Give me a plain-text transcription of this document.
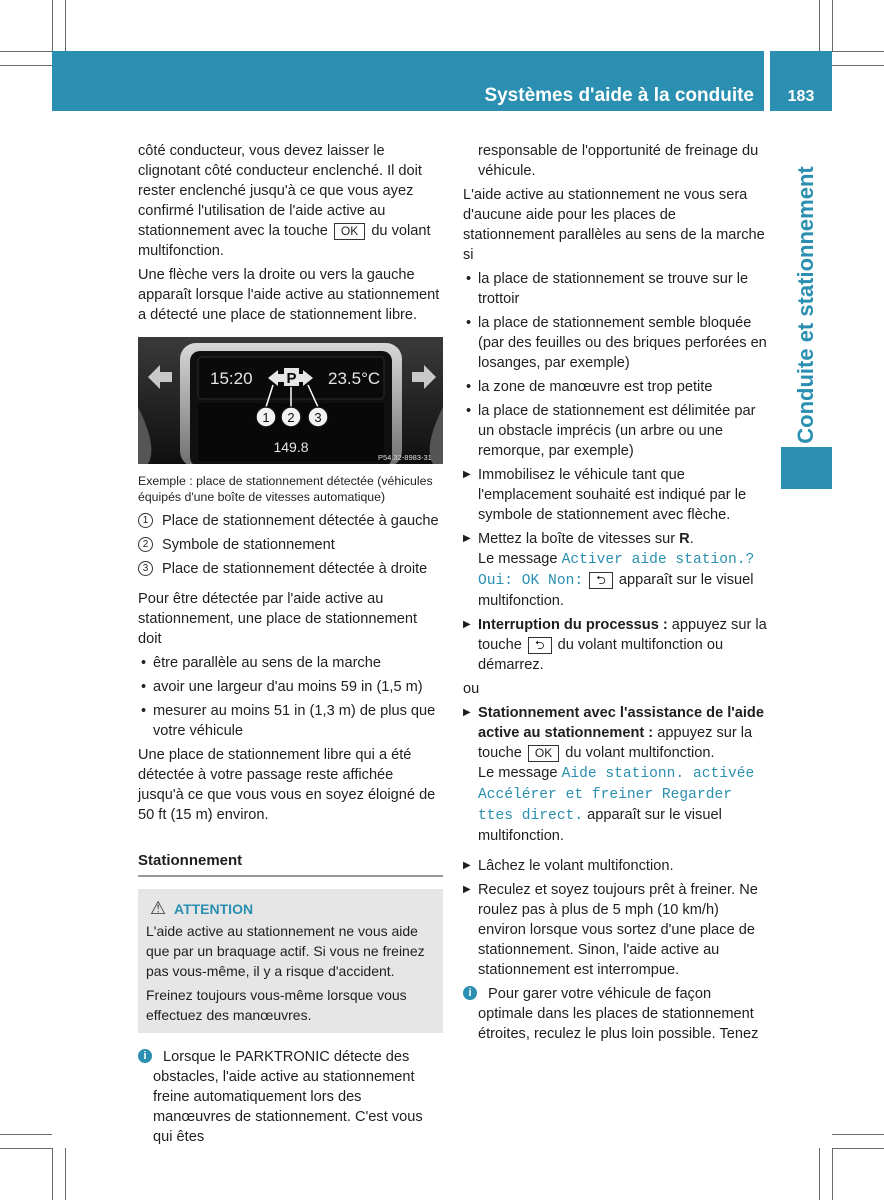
Systèmes d'aide à la conduite	183
Conduite et stationnement

côté conducteur, vous devez laisser le clignotant côté conducteur enclenché. Il doit rester enclenché jusqu'à ce que vous ayez confirmé l'utilisation de l'aide active au stationnement avec la touche OK du volant multifonction.

Une flèche vers la droite ou vers la gauche apparaît lorsque l'aide active au stationnement a détecté une place de stationnement libre.

15:20 P 23.5°C
1 2 3
149.8
P54.32-8983-31
Exemple : place de stationnement détectée (véhicules équipés d'une boîte de vitesses automatique)
1 Place de stationnement détectée à gauche
2 Symbole de stationnement
3 Place de stationnement détectée à droite

Pour être détectée par l'aide active au stationnement, une place de stationnement doit

• être parallèle au sens de la marche
• avoir une largeur d'au moins 59 in (1,5 m)
• mesurer au moins 51 in (1,3 m) de plus que votre véhicule

Une place de stationnement libre qui a été détectée à votre passage reste affichée jusqu'à ce que vous vous en soyez éloigné de 50 ft (15 m) environ.

Stationnement
⚠ ATTENTION

L'aide active au stationnement ne vous aide que par un braquage actif. Si vous ne freinez pas vous-même, il y a risque d'accident.

Freinez toujours vous-même lorsque vous effectuez des manœuvres.

i	Lorsque le PARKTRONIC détecte des obstacles, l'aide active au stationnement freine automatiquement lors des manœuvres de stationnement. C'est vous qui êtes

responsable de l'opportunité de freinage du véhicule.

L'aide active au stationnement ne vous sera d'aucune aide pour les places de stationnement parallèles au sens de la marche si

• la place de stationnement se trouve sur le trottoir
• la place de stationnement semble bloquée (par des feuilles ou des briques perforées en losanges, par exemple)
• la zone de manœuvre est trop petite
• la place de stationnement est délimitée par un obstacle imprécis (un arbre ou une remorque, par exemple)
▶ Immobilisez le véhicule tant que l'emplacement souhaité est indiqué par le symbole de stationnement avec flèche.
▶ Mettez la boîte de vitesses sur R.
Le message Activer aide station.? Oui: OK Non: ⮌ apparaît sur le visuel multifonction.
▶ Interruption du processus : appuyez sur la touche ⮌ du volant multifonction ou démarrez.

ou

▶ Stationnement avec l'assistance de l'aide active au stationnement : appuyez sur la touche OK du volant multifonction.
Le message Aide stationn. activée Accélérer et freiner Regarder ttes direct. apparaît sur le visuel multifonction.
▶ Lâchez le volant multifonction.
▶ Reculez et soyez toujours prêt à freiner. Ne roulez pas à plus de 5 mph (10 km/h) environ lorsque vous sortez d'une place de stationnement. Sinon, l'aide active au stationnement est interrompue.
i	Pour garer votre véhicule de façon optimale dans les places de stationnement étroites, reculez le plus loin possible. Tenez
